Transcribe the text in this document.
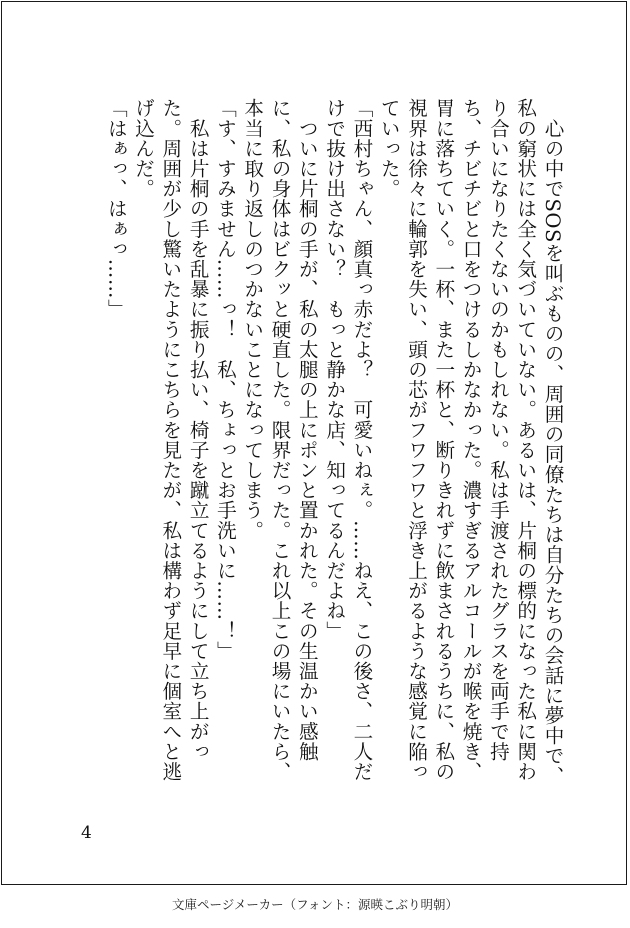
　心の中でSOSを叫ぶものの、周囲の同僚たちは自分たちの会話に夢中で、私の窮状には全く気づいていない。あるいは、片桐の標的になった私に関わり合いになりたくないのかもしれない。私は手渡されたグラスを両手で持ち、チビチビと口をつけるしかなかった。濃すぎるアルコールが喉を焼き、胃に落ちていく。一杯、また一杯と、断りきれずに飲まされるうちに、私の視界は徐々に輪郭を失い、頭の芯がフワフワと浮き上がるような感覚に陥っていった。

「西村ちゃん、顔真っ赤だよ？　可愛いねぇ。……ねえ、この後さ、二人だけで抜け出さない？　もっと静かな店、知ってるんだよね」

　ついに片桐の手が、私の太腿の上にポンと置かれた。その生温かい感触に、私の身体はビクッと硬直した。限界だった。これ以上この場にいたら、本当に取り返しのつかないことになってしまう。

「す、すみません……っ！　私、ちょっとお手洗いに……！」

　私は片桐の手を乱暴に振り払い、椅子を蹴立てるようにして立ち上がった。周囲が少し驚いたようにこちらを見たが、私は構わず足早に個室へと逃げ込んだ。

「はぁっ、はぁっ……」

4
文庫ページメーカー（フォント：源暎こぶり明朝）
